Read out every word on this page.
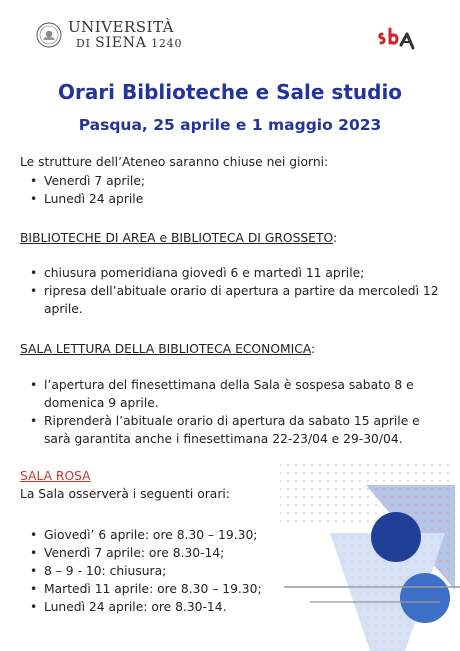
UNIVERSITÀ
DI SIENA 1240
Orari Biblioteche e Sale studio
Pasqua, 25 aprile e 1 maggio 2023
Le strutture dell’Ateneo saranno chiuse nei giorni:
• Venerdì 7 aprile;
• Lunedì 24 aprile
BIBLIOTECHE DI AREA e BIBLIOTECA DI GROSSETO:
• chiusura pomeridiana giovedì 6 e martedì 11 aprile;
• ripresa dell’abituale orario di apertura a partire da mercoledì 12 aprile.
SALA LETTURA DELLA BIBLIOTECA ECONOMICA:
• l’apertura del finesettimana della Sala è sospesa sabato 8 e domenica 9 aprile.
• Riprenderà l’abituale orario di apertura da sabato 15 aprile e sarà garantita anche i finesettimana 22-23/04 e 29-30/04.
SALA ROSA
La Sala osserverà i seguenti orari:
• Giovedì’ 6 aprile: ore 8.30 – 19.30;
• Venerdì 7 aprile: ore 8.30-14;
• 8 – 9 - 10: chiusura;
• Martedì 11 aprile: ore 8.30 – 19.30;
• Lunedì 24 aprile: ore 8.30-14.
